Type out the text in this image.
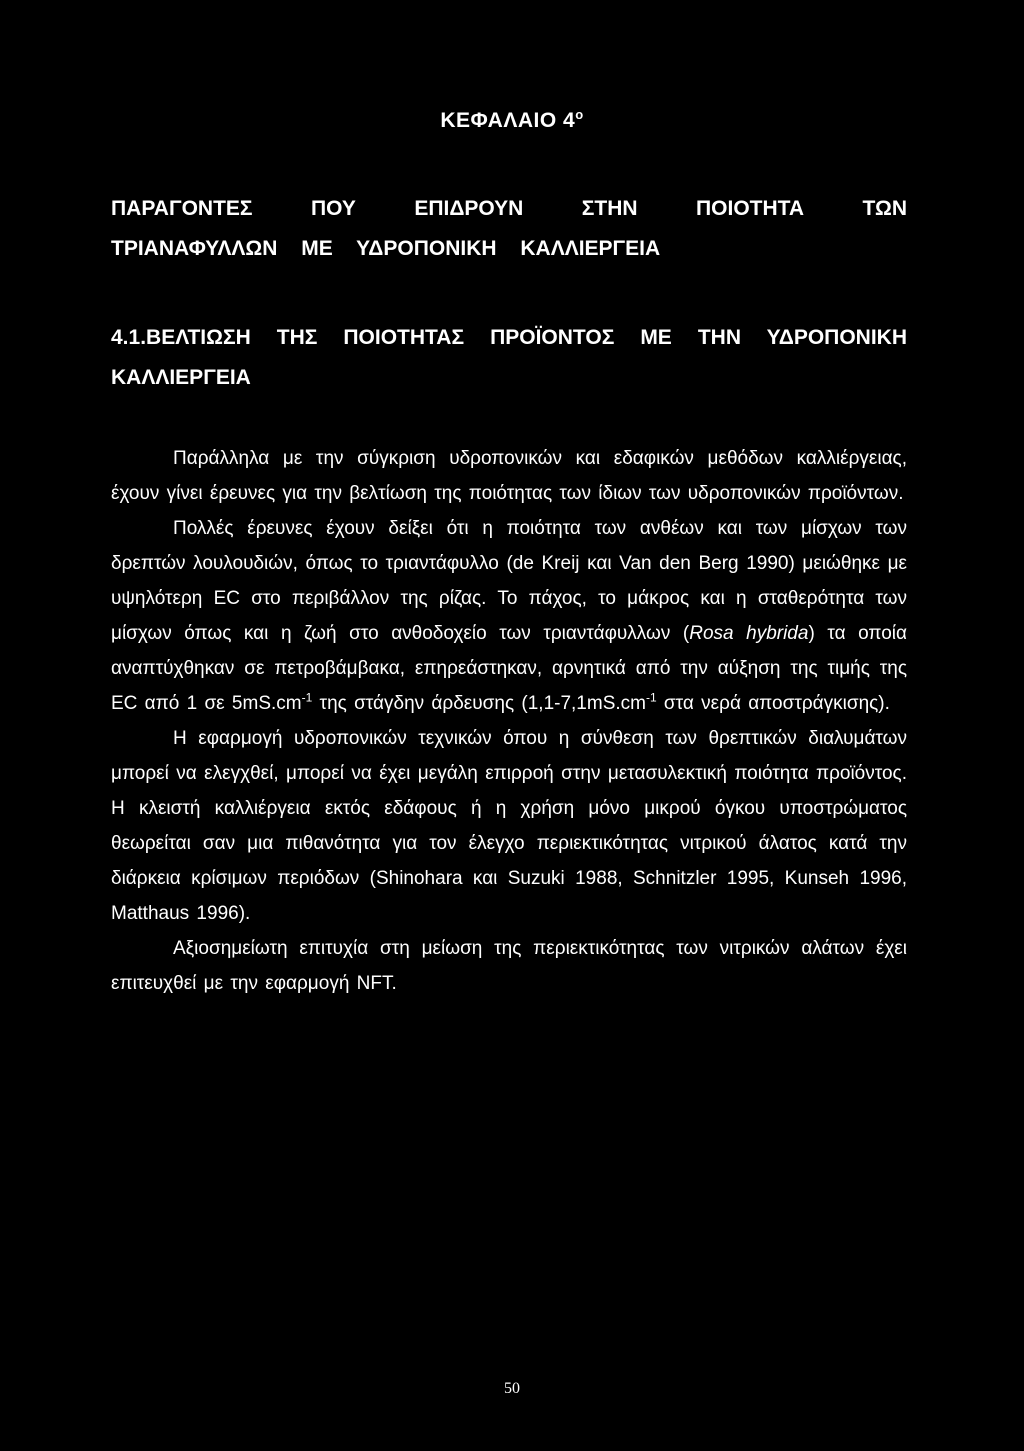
ΚΕΦΑΛΑΙΟ $4^o$
ΠΑΡΑΓΟΝΤΕΣ ΠΟΥ ΕΠΙΔΡΟΥΝ ΣΤΗΝ ΠΟΙΟΤΗΤΑ ΤΩΝ ΤΡΙΑΝΑΦΥΛΛΩΝ ΜΕ ΥΔΡΟΠΟΝΙΚΗ ΚΑΛΛΙΕΡΓΕΙΑ
4.1.ΒΕΛΤΙΩΣΗ ΤΗΣ ΠΟΙΟΤΗΤΑΣ ΠΡΟΪΟΝΤΟΣ ΜΕ ΤΗΝ ΥΔΡΟΠΟΝΙΚΗ ΚΑΛΛΙΕΡΓΕΙΑ

Παράλληλα με την σύγκριση υδροπονικών και εδαφικών μεθόδων καλλιέργειας, έχουν γίνει έρευνες για την βελτίωση της ποιότητας των ίδιων των υδροπονικών προϊόντων.

Πολλές έρευνες έχουν δείξει ότι η ποιότητα των ανθέων και των μίσχων των δρεπτών λουλουδιών, όπως το τριαντάφυλλο (de Kreij και Van den Berg 1990) μειώθηκε με υψηλότερη EC στο περιβάλλον της ρίζας. Το πάχος, το μάκρος και η σταθερότητα των μίσχων όπως και η ζωή στο ανθοδοχείο των τριαντάφυλλων (Rosa hybrida) τα οποία αναπτύχθηκαν σε πετροβάμβακα, επηρεάστηκαν, αρνητικά από την αύξηση της τιμής της EC από 1 σε $5mS.cm^{-1}$ της στάγδην άρδευσης ($1,1-7,1mS.cm^{-1}$ στα νερά αποστράγκισης).

Η εφαρμογή υδροπονικών τεχνικών όπου η σύνθεση των θρεπτικών διαλυμάτων μπορεί να ελεγχθεί, μπορεί να έχει μεγάλη επιρροή στην μετασυλεκτική ποιότητα προϊόντος. Η κλειστή καλλιέργεια εκτός εδάφους ή η χρήση μόνο μικρού όγκου υποστρώματος θεωρείται σαν μια πιθανότητα για τον έλεγχο περιεκτικότητας νιτρικού άλατος κατά την διάρκεια κρίσιμων περιόδων (Shinohara και Suzuki 1988, Schnitzler 1995, Kunseh 1996, Matthaus 1996).

Αξιοσημείωτη επιτυχία στη μείωση της περιεκτικότητας των νιτρικών αλάτων έχει επιτευχθεί με την εφαρμογή NFT.

50
